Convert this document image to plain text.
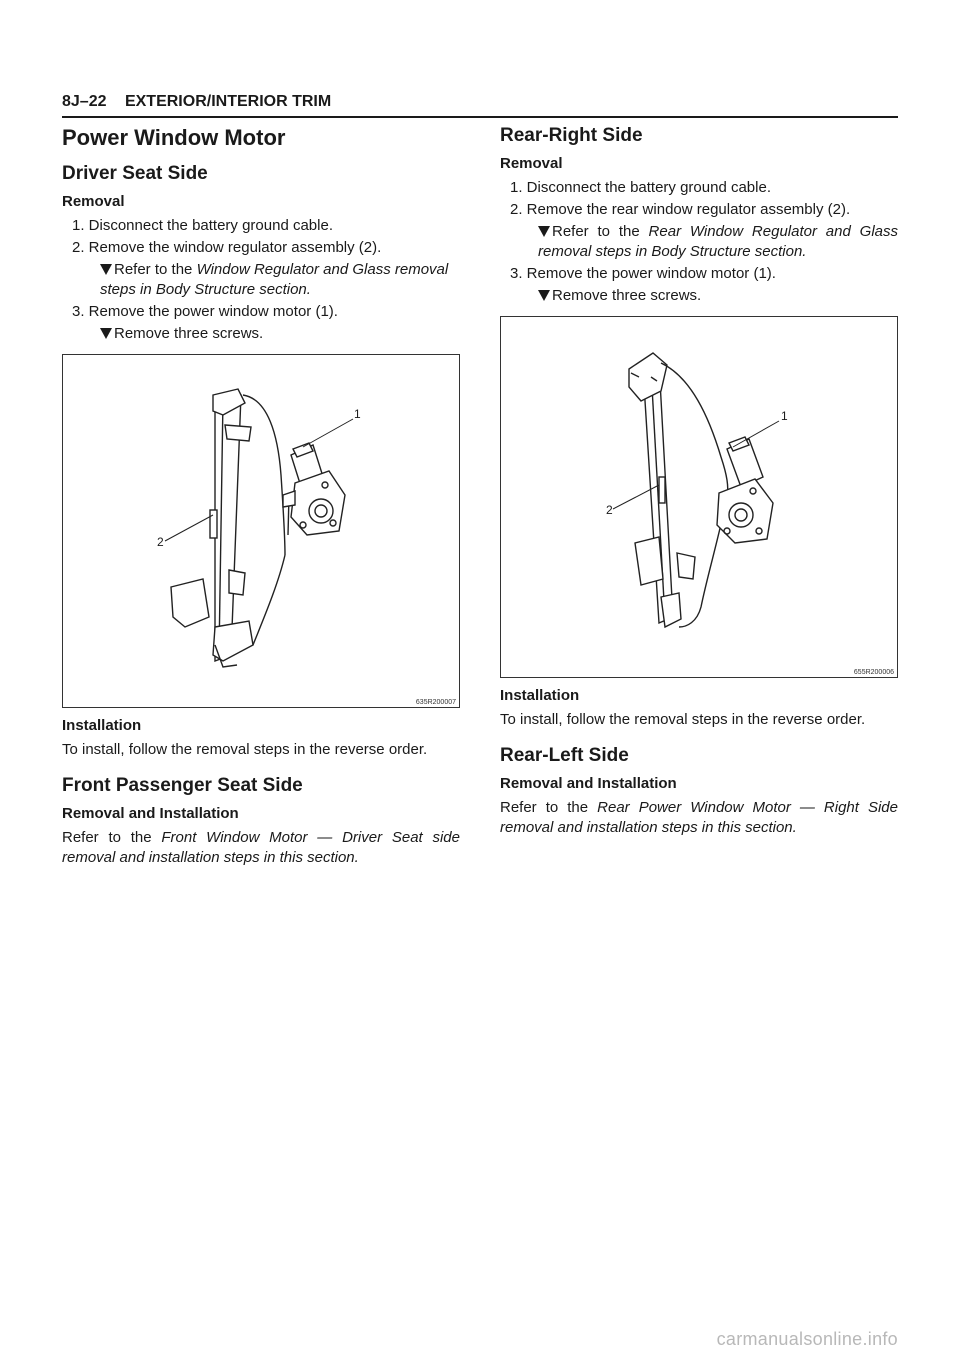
8J–22 EXTERIOR/INTERIOR TRIM
Power Window Motor
Driver Seat Side
Removal
1. Disconnect the battery ground cable.
2. Remove the window regulator assembly (2).
Refer to the Window Regulator and Glass removal steps in Body Structure section.
3. Remove the power window motor (1).
Remove three screws.
1
2
635R200007
Installation

To install, follow the removal steps in the reverse order.

Front Passenger Seat Side
Removal and Installation

Refer to the Front Window Motor — Driver Seat side removal and installation steps in this section.

Rear-Right Side
Removal
1. Disconnect the battery ground cable.
2. Remove the rear window regulator assembly (2).
Refer to the Rear Window Regulator and Glass removal steps in Body Structure section.
3. Remove the power window motor (1).
Remove three screws.
1
2
655R200006
Installation

To install, follow the removal steps in the reverse order.

Rear-Left Side
Removal and Installation

Refer to the Rear Power Window Motor — Right Side removal and installation steps in this section.

carmanualsonline.info
